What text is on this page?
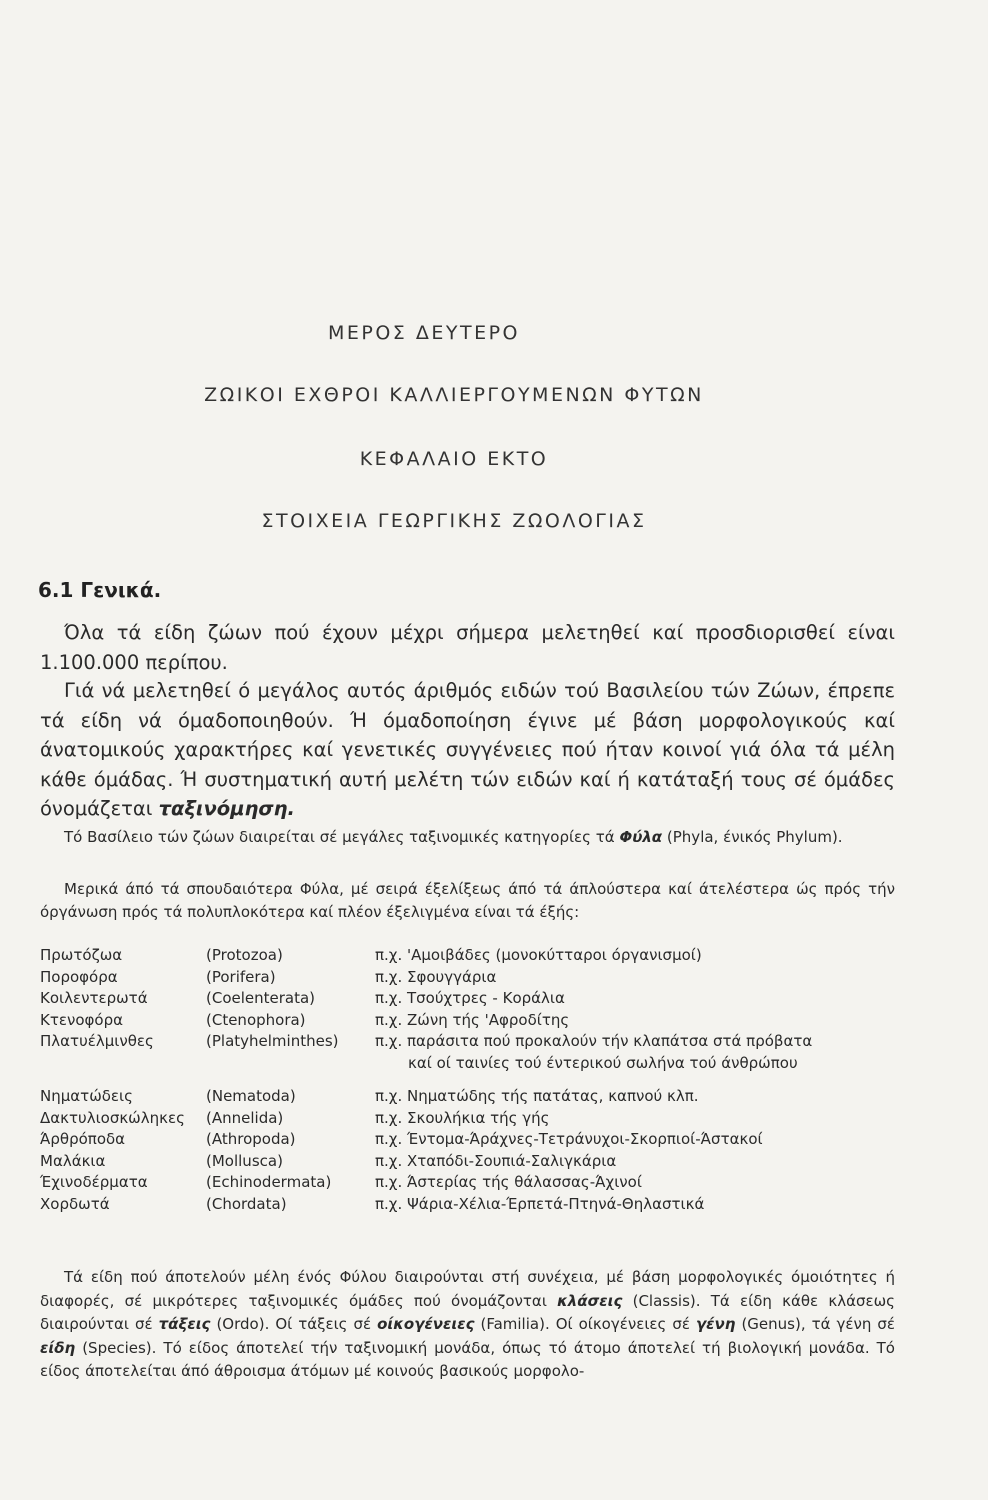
ΜΕΡΟΣ ΔΕΥΤΕΡΟ
ΖΩΙΚΟΙ ΕΧΘΡΟΙ ΚΑΛΛΙΕΡΓΟΥΜΕΝΩΝ ΦΥΤΩΝ
ΚΕΦΑΛΑΙΟ ΕΚΤΟ
ΣΤΟΙΧΕΙΑ ΓΕΩΡΓΙΚΗΣ ΖΩΟΛΟΓΙΑΣ
6.1 Γενικά.
Όλα τά είδη ζώων πού έχουν μέχρι σήμερα μελετηθεί καί προσδιορισθεί είναι 1.100.000 περίπου.
Γιά νά μελετηθεί ό μεγάλος αυτός άριθμός ειδών τού Βασιλείου τών Ζώων, έπρεπε τά είδη νά όμαδοποιηθούν. Ή όμαδοποίηση έγινε μέ βάση μορφολογικούς καί άνατομικούς χαρακτήρες καί γενετικές συγγένειες πού ήταν κοινοί γιά όλα τά μέλη κάθε όμάδας. Ή συστηματική αυτή μελέτη τών ειδών καί ή κατάταξή τους σέ όμάδες όνομάζεται ταξινόμηση.
Τό Βασίλειο τών ζώων διαιρείται σέ μεγάλες ταξινομικές κατηγορίες τά Φύλα (Phyla, ένικός Phylum).
Μερικά άπό τά σπουδαιότερα Φύλα, μέ σειρά έξελίξεως άπό τά άπλούστερα καί άτελέστερα ώς πρός τήν όργάνωση πρός τά πολυπλοκότερα καί πλέον έξελιγμένα είναι τά έξής:
Πρωτόζωα	(Protozoa)	π.χ. 'Αμοιβάδες (μονοκύτταροι όργανισμοί)
Ποροφόρα	(Porifera)	π.χ. Σφουγγάρια
Κοιλεντερωτά	(Coelenterata)	π.χ. Τσούχτρες - Κοράλια
Κτενοφόρα	(Ctenophora)	π.χ. Ζώνη τής 'Αφροδίτης
Πλατυέλμινθες	(Platyhelminthes) π.χ. παράσιτα πού προκαλούν τήν κλαπάτσα στά πρόβατα
καί οί ταινίες τού έντερικού σωλήνα τού άνθρώπου
Νηματώδεις	(Nematoda)	π.χ. Νηματώδης τής πατάτας, καπνού κλπ.
Δακτυλιοσκώληκες (Annelida)	π.χ. Σκουλήκια τής γής
Άρθρόποδα	(Athropoda)	π.χ. Έντομα-Άράχνες-Τετράνυχοι-Σκορπιοί-Άστακοί
Μαλάκια	(Mollusca)	π.χ. Χταπόδι-Σουπιά-Σαλιγκάρια
Έχινοδέρματα	(Echinodermata)	π.χ. Άστερίας τής θάλασσας-Άχινοί
Χορδωτά	(Chordata)	π.χ. Ψάρια-Χέλια-Έρπετά-Πτηνά-Θηλαστικά
Τά είδη πού άποτελούν μέλη ένός Φύλου διαιρούνται στή συνέχεια, μέ βάση μορφολογικές όμοιότητες ή διαφορές, σέ μικρότερες ταξινομικές όμάδες πού όνομάζονται κλάσεις (Classis). Τά είδη κάθε κλάσεως διαιρούνται σέ τάξεις (Ordo). Οί τάξεις σέ οίκογένειες (Familia). Οί οίκογένειες σέ γένη (Genus), τά γένη σέ είδη (Species). Τό είδος άποτελεί τήν ταξινομική μονάδα, όπως τό άτομο άποτελεί τή βιολογική μονάδα. Τό είδος άποτελείται άπό άθροισμα άτόμων μέ κοινούς βασικούς μορφολο-
